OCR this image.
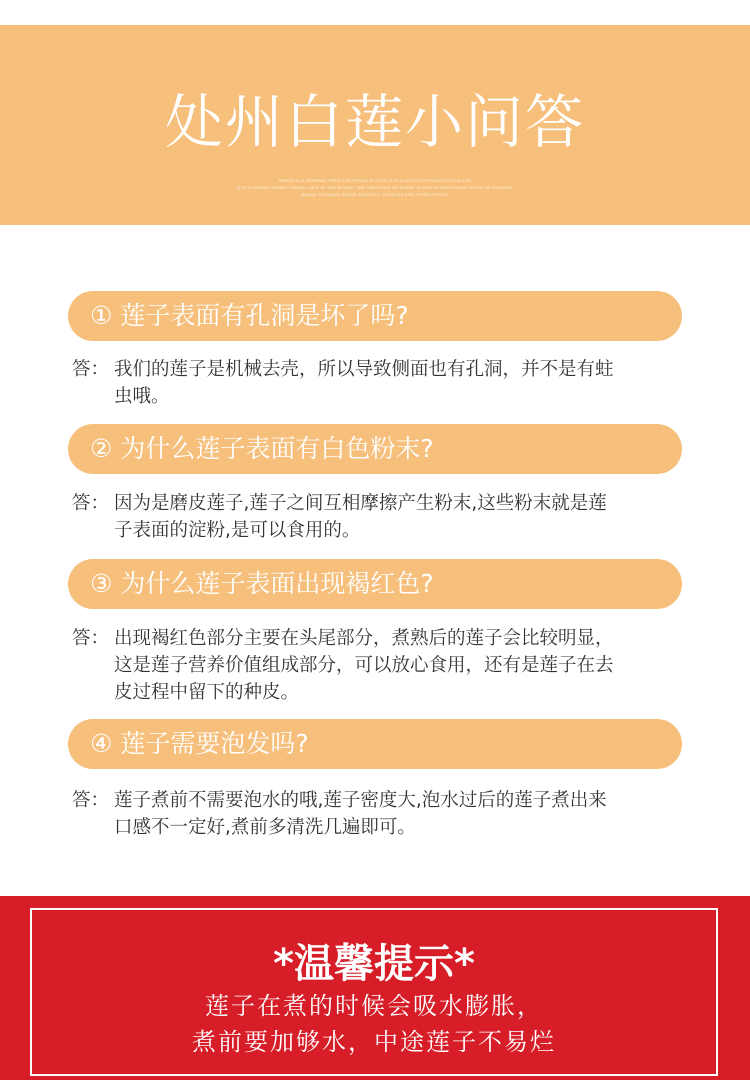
处州白莲小问答
WHEAT IS A GENERAL TERM FOR WHEAT PLANTS. IT IS A MONOCOTYLEDONOUS PLANT.
IT IS A WIDELY GROWN CEREAL CROP IN THE WORLD. THE CARYOPSIS OF WHEAT IS ONE OF THE STAPLE FOODS OF HUMANS.
BREAD, STEAMED BREAD, BISCUITS, NOODLES AND OTHER FOODS.
① 莲子表面有孔洞是坏了吗?
答： 我们的莲子是机械去壳，所以导致侧面也有孔洞，并不是有蛀
虫哦。
② 为什么莲子表面有白色粉末?
答： 因为是磨皮莲子,莲子之间互相摩擦产生粉末,这些粉末就是莲
子表面的淀粉,是可以食用的。
③ 为什么莲子表面出现褐红色?
答： 出现褐红色部分主要在头尾部分，煮熟后的莲子会比较明显，
这是莲子营养价值组成部分，可以放心食用，还有是莲子在去
皮过程中留下的种皮。
④ 莲子需要泡发吗?
答： 莲子煮前不需要泡水的哦,莲子密度大,泡水过后的莲子煮出来
口感不一定好,煮前多清洗几遍即可。
*温馨提示*
莲子在煮的时候会吸水膨胀，
煮前要加够水，中途莲子不易烂
